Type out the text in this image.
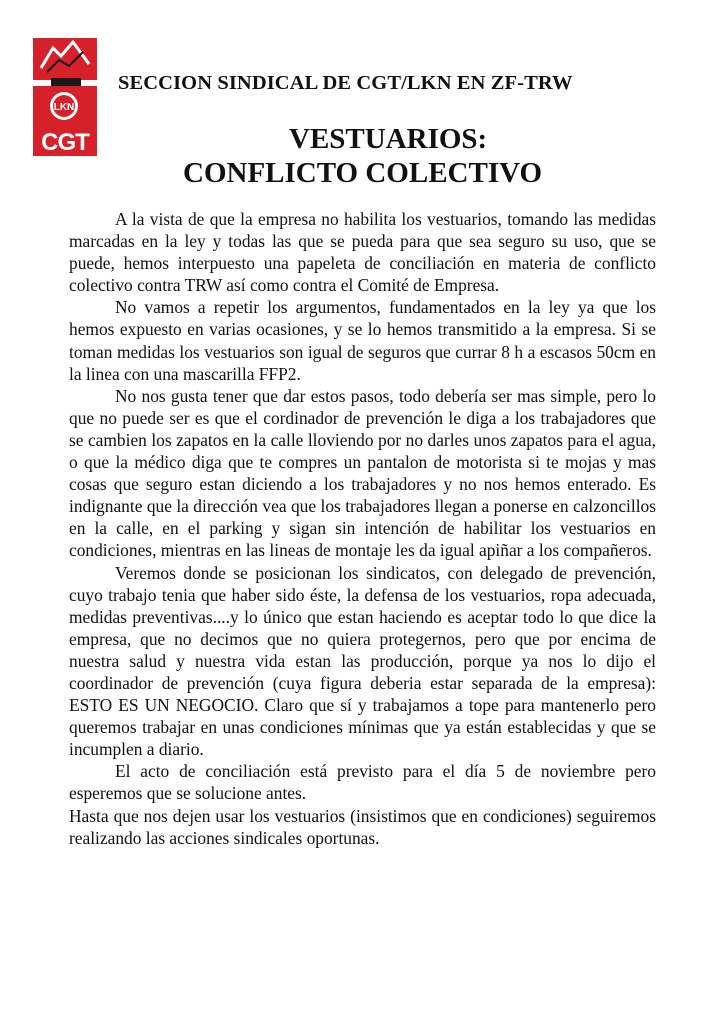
LKN
CGT
SECCION SINDICAL DE CGT/LKN EN ZF-TRW
VESTUARIOS:
CONFLICTO COLECTIVO

A la vista de que la empresa no habilita los vestuarios, tomando las medidas marcadas en la ley y todas las que se pueda para que sea seguro su uso, que se puede, hemos interpuesto una papeleta de conciliación en materia de conflicto colectivo contra TRW así como contra el Comité de Empresa.

No vamos a repetir los argumentos, fundamentados en la ley ya que los hemos expuesto en varias ocasiones, y se lo hemos transmitido a la empresa. Si se toman medidas los vestuarios son igual de seguros que currar 8 h a escasos 50cm en la linea con una mascarilla FFP2.

No nos gusta tener que dar estos pasos, todo debería ser mas simple, pero lo que no puede ser es que el cordinador de prevención le diga a los trabajadores que se cambien los zapatos en la calle lloviendo por no darles unos zapatos para el agua, o que la médico diga que te compres un pantalon de motorista si te mojas y mas cosas que seguro estan diciendo a los trabajadores y no nos hemos enterado. Es indignante que la dirección vea que los trabajadores llegan a ponerse en calzoncillos en la calle, en el parking y sigan sin intención de habilitar los vestuarios en condiciones, mientras en las lineas de montaje les da igual apiñar a los compañeros.

Veremos donde se posicionan los sindicatos, con delegado de prevención, cuyo trabajo tenia que haber sido éste, la defensa de los vestuarios, ropa adecuada, medidas preventivas....y lo único que estan haciendo es aceptar todo lo que dice la empresa, que no decimos que no quiera protegernos, pero que por encima de nuestra salud y nuestra vida estan las producción, porque ya nos lo dijo el coordinador de prevención (cuya figura deberia estar separada de la empresa): ESTO ES UN NEGOCIO. Claro que sí y trabajamos a tope para mantenerlo pero queremos trabajar en unas condiciones mínimas que ya están establecidas y que se incumplen a diario.

El acto de conciliación está previsto para el día 5 de noviembre pero esperemos que se solucione antes.

Hasta que nos dejen usar los vestuarios (insistimos que en condiciones) seguiremos realizando las acciones sindicales oportunas.
